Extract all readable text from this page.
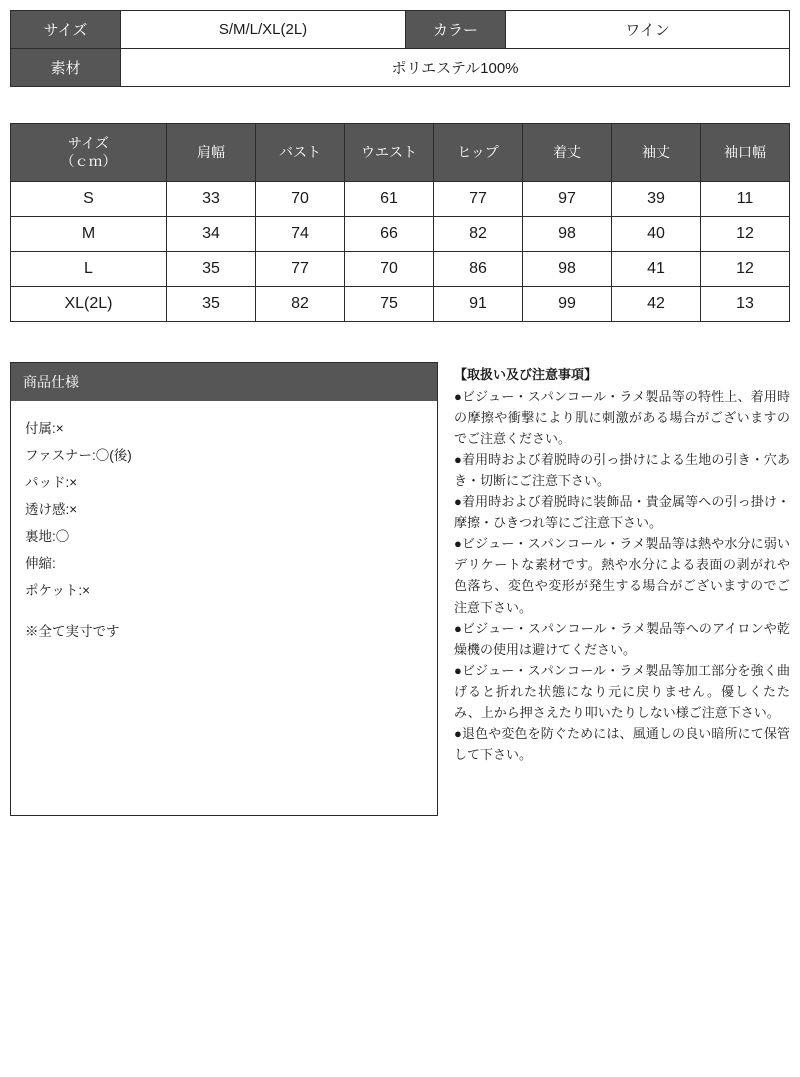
サイズ	S/M/L/XL(2L)	カラー	ワイン
素材	ポリエステル100%		
サイズ
（ｃｍ）	肩幅	バスト	ウエスト	ヒップ	着丈	袖丈	袖口幅
S	33	70	61	77	97	39	11
M	34	74	66	82	98	40	12
L	35	77	70	86	98	41	12
XL(2L)	35	82	75	91	99	42	13
商品仕様
付属:×
ファスナー:〇(後)
パッド:×
透け感:×
裏地:〇
伸縮:
ポケット:×
※全て実寸です
【取扱い及び注意事項】

●ビジュー・スパンコール・ラメ製品等の特性上、着用時の摩擦や衝撃により肌に刺激がある場合がございますのでご注意ください。

●着用時および着脱時の引っ掛けによる生地の引き・穴あき・切断にご注意下さい。

●着用時および着脱時に装飾品・貴金属等への引っ掛け・摩擦・ひきつれ等にご注意下さい。

●ビジュー・スパンコール・ラメ製品等は熱や水分に弱いデリケートな素材です。熱や水分による表面の剥がれや色落ち、変色や変形が発生する場合がございますのでご注意下さい。

●ビジュー・スパンコール・ラメ製品等へのアイロンや乾燥機の使用は避けてください。

●ビジュー・スパンコール・ラメ製品等加工部分を強く曲げると折れた状態になり元に戻りません。優しくたたみ、上から押さえたり叩いたりしない様ご注意下さい。

●退色や変色を防ぐためには、風通しの良い暗所にて保管して下さい。
